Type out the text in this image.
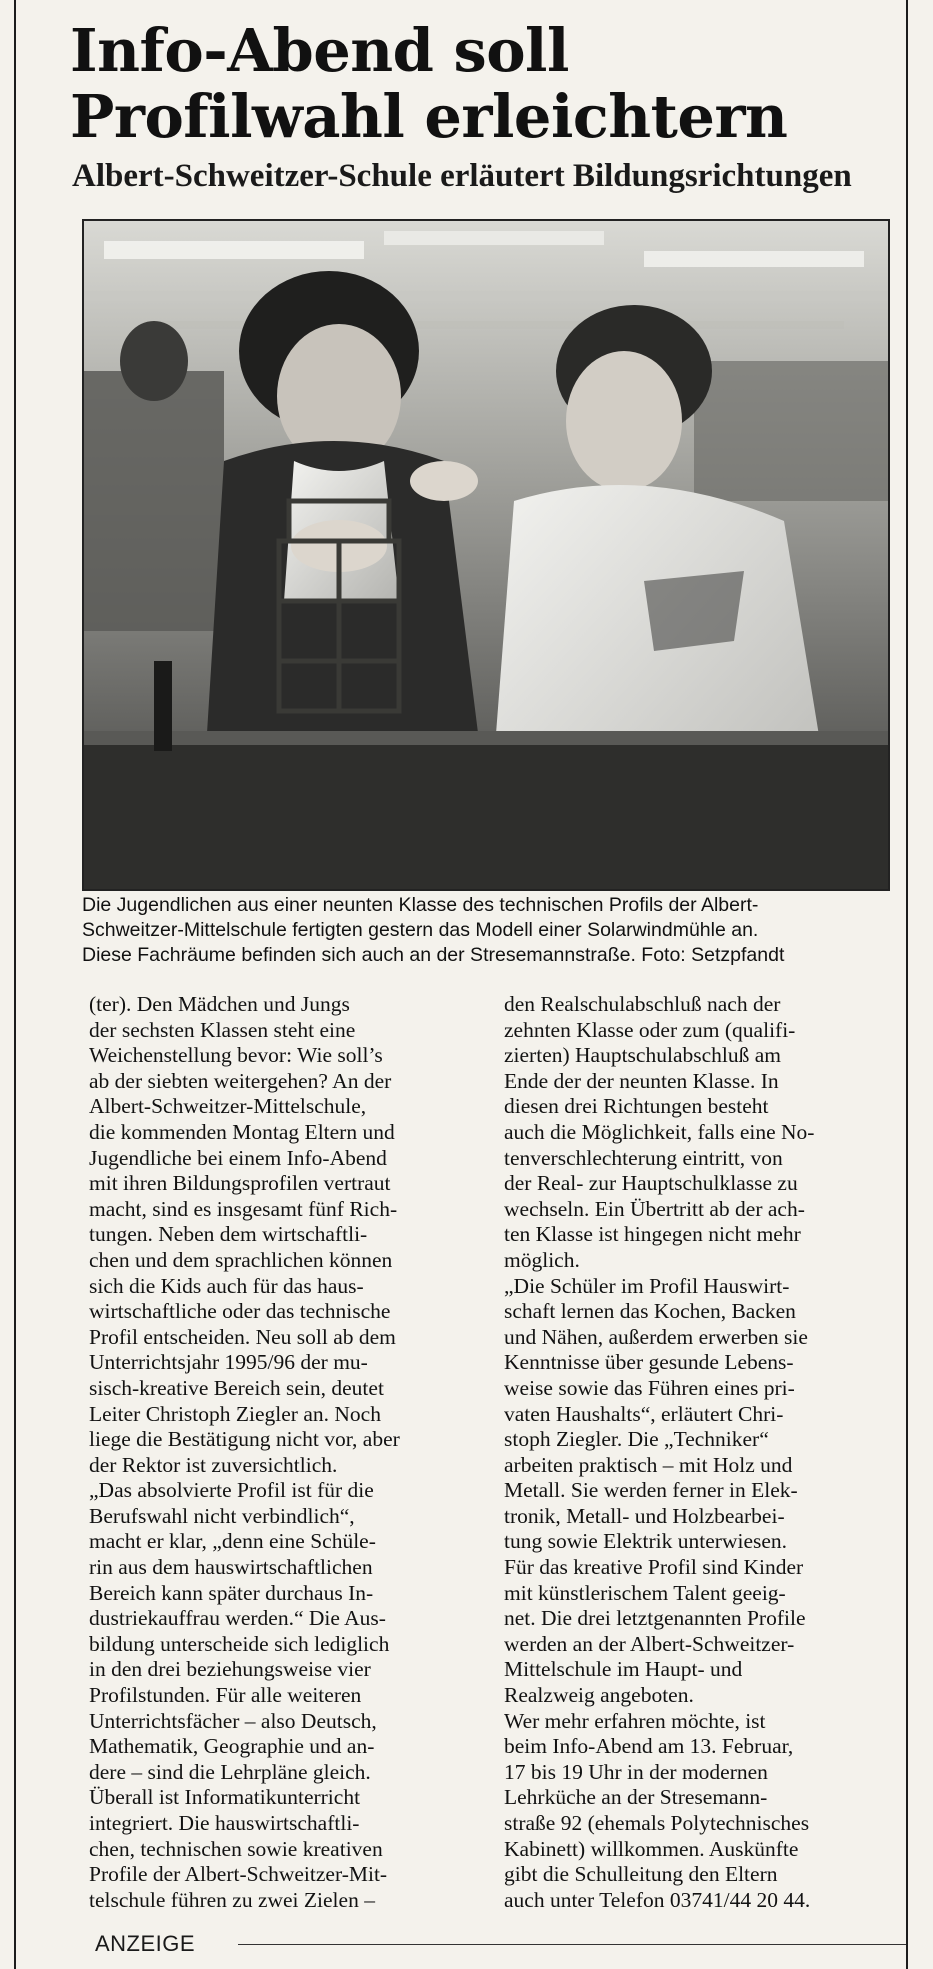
Info-Abend soll
Profilwahl erleichtern
Albert-Schweitzer-Schule erläutert Bildungsrichtungen
Die Jugendlichen aus einer neunten Klasse des technischen Profils der Albert-
Schweitzer-Mittelschule fertigten gestern das Modell einer Solarwindmühle an.
Diese Fachräume befinden sich auch an der Stresemannstraße. Foto: Setzpfandt
(ter). Den Mädchen und Jungs
der sechsten Klassen steht eine
Weichenstellung bevor: Wie soll’s
ab der siebten weitergehen? An der
Albert-Schweitzer-Mittelschule,
die kommenden Montag Eltern und
Jugendliche bei einem Info-Abend
mit ihren Bildungsprofilen vertraut
macht, sind es insgesamt fünf Rich-
tungen. Neben dem wirtschaftli-
chen und dem sprachlichen können
sich die Kids auch für das haus-
wirtschaftliche oder das technische
Profil entscheiden. Neu soll ab dem
Unterrichtsjahr 1995/96 der mu-
sisch-kreative Bereich sein, deutet
Leiter Christoph Ziegler an. Noch
liege die Bestätigung nicht vor, aber
der Rektor ist zuversichtlich.
„Das absolvierte Profil ist für die
Berufswahl nicht verbindlich“,
macht er klar, „denn eine Schüle-
rin aus dem hauswirtschaftlichen
Bereich kann später durchaus In-
dustriekauffrau werden.“ Die Aus-
bildung unterscheide sich lediglich
in den drei beziehungsweise vier
Profilstunden. Für alle weiteren
Unterrichtsfächer – also Deutsch,
Mathematik, Geographie und an-
dere – sind die Lehrpläne gleich.
Überall ist Informatikunterricht
integriert. Die hauswirtschaftli-
chen, technischen sowie kreativen
Profile der Albert-Schweitzer-Mit-
telschule führen zu zwei Zielen –
den Realschulabschluß nach der
zehnten Klasse oder zum (qualifi-
zierten) Hauptschulabschluß am
Ende der der neunten Klasse. In
diesen drei Richtungen besteht
auch die Möglichkeit, falls eine No-
tenverschlechterung eintritt, von
der Real- zur Hauptschulklasse zu
wechseln. Ein Übertritt ab der ach-
ten Klasse ist hingegen nicht mehr
möglich.
„Die Schüler im Profil Hauswirt-
schaft lernen das Kochen, Backen
und Nähen, außerdem erwerben sie
Kenntnisse über gesunde Lebens-
weise sowie das Führen eines pri-
vaten Haushalts“, erläutert Chri-
stoph Ziegler. Die „Techniker“
arbeiten praktisch – mit Holz und
Metall. Sie werden ferner in Elek-
tronik, Metall- und Holzbearbei-
tung sowie Elektrik unterwiesen.
Für das kreative Profil sind Kinder
mit künstlerischem Talent geeig-
net. Die drei letztgenannten Profile
werden an der Albert-Schweitzer-
Mittelschule im Haupt- und
Realzweig angeboten.
Wer mehr erfahren möchte, ist
beim Info-Abend am 13. Februar,
17 bis 19 Uhr in der modernen
Lehrküche an der Stresemann-
straße 92 (ehemals Polytechnisches
Kabinett) willkommen. Auskünfte
gibt die Schulleitung den Eltern
auch unter Telefon 03741/44 20 44.
ANZEIGE
